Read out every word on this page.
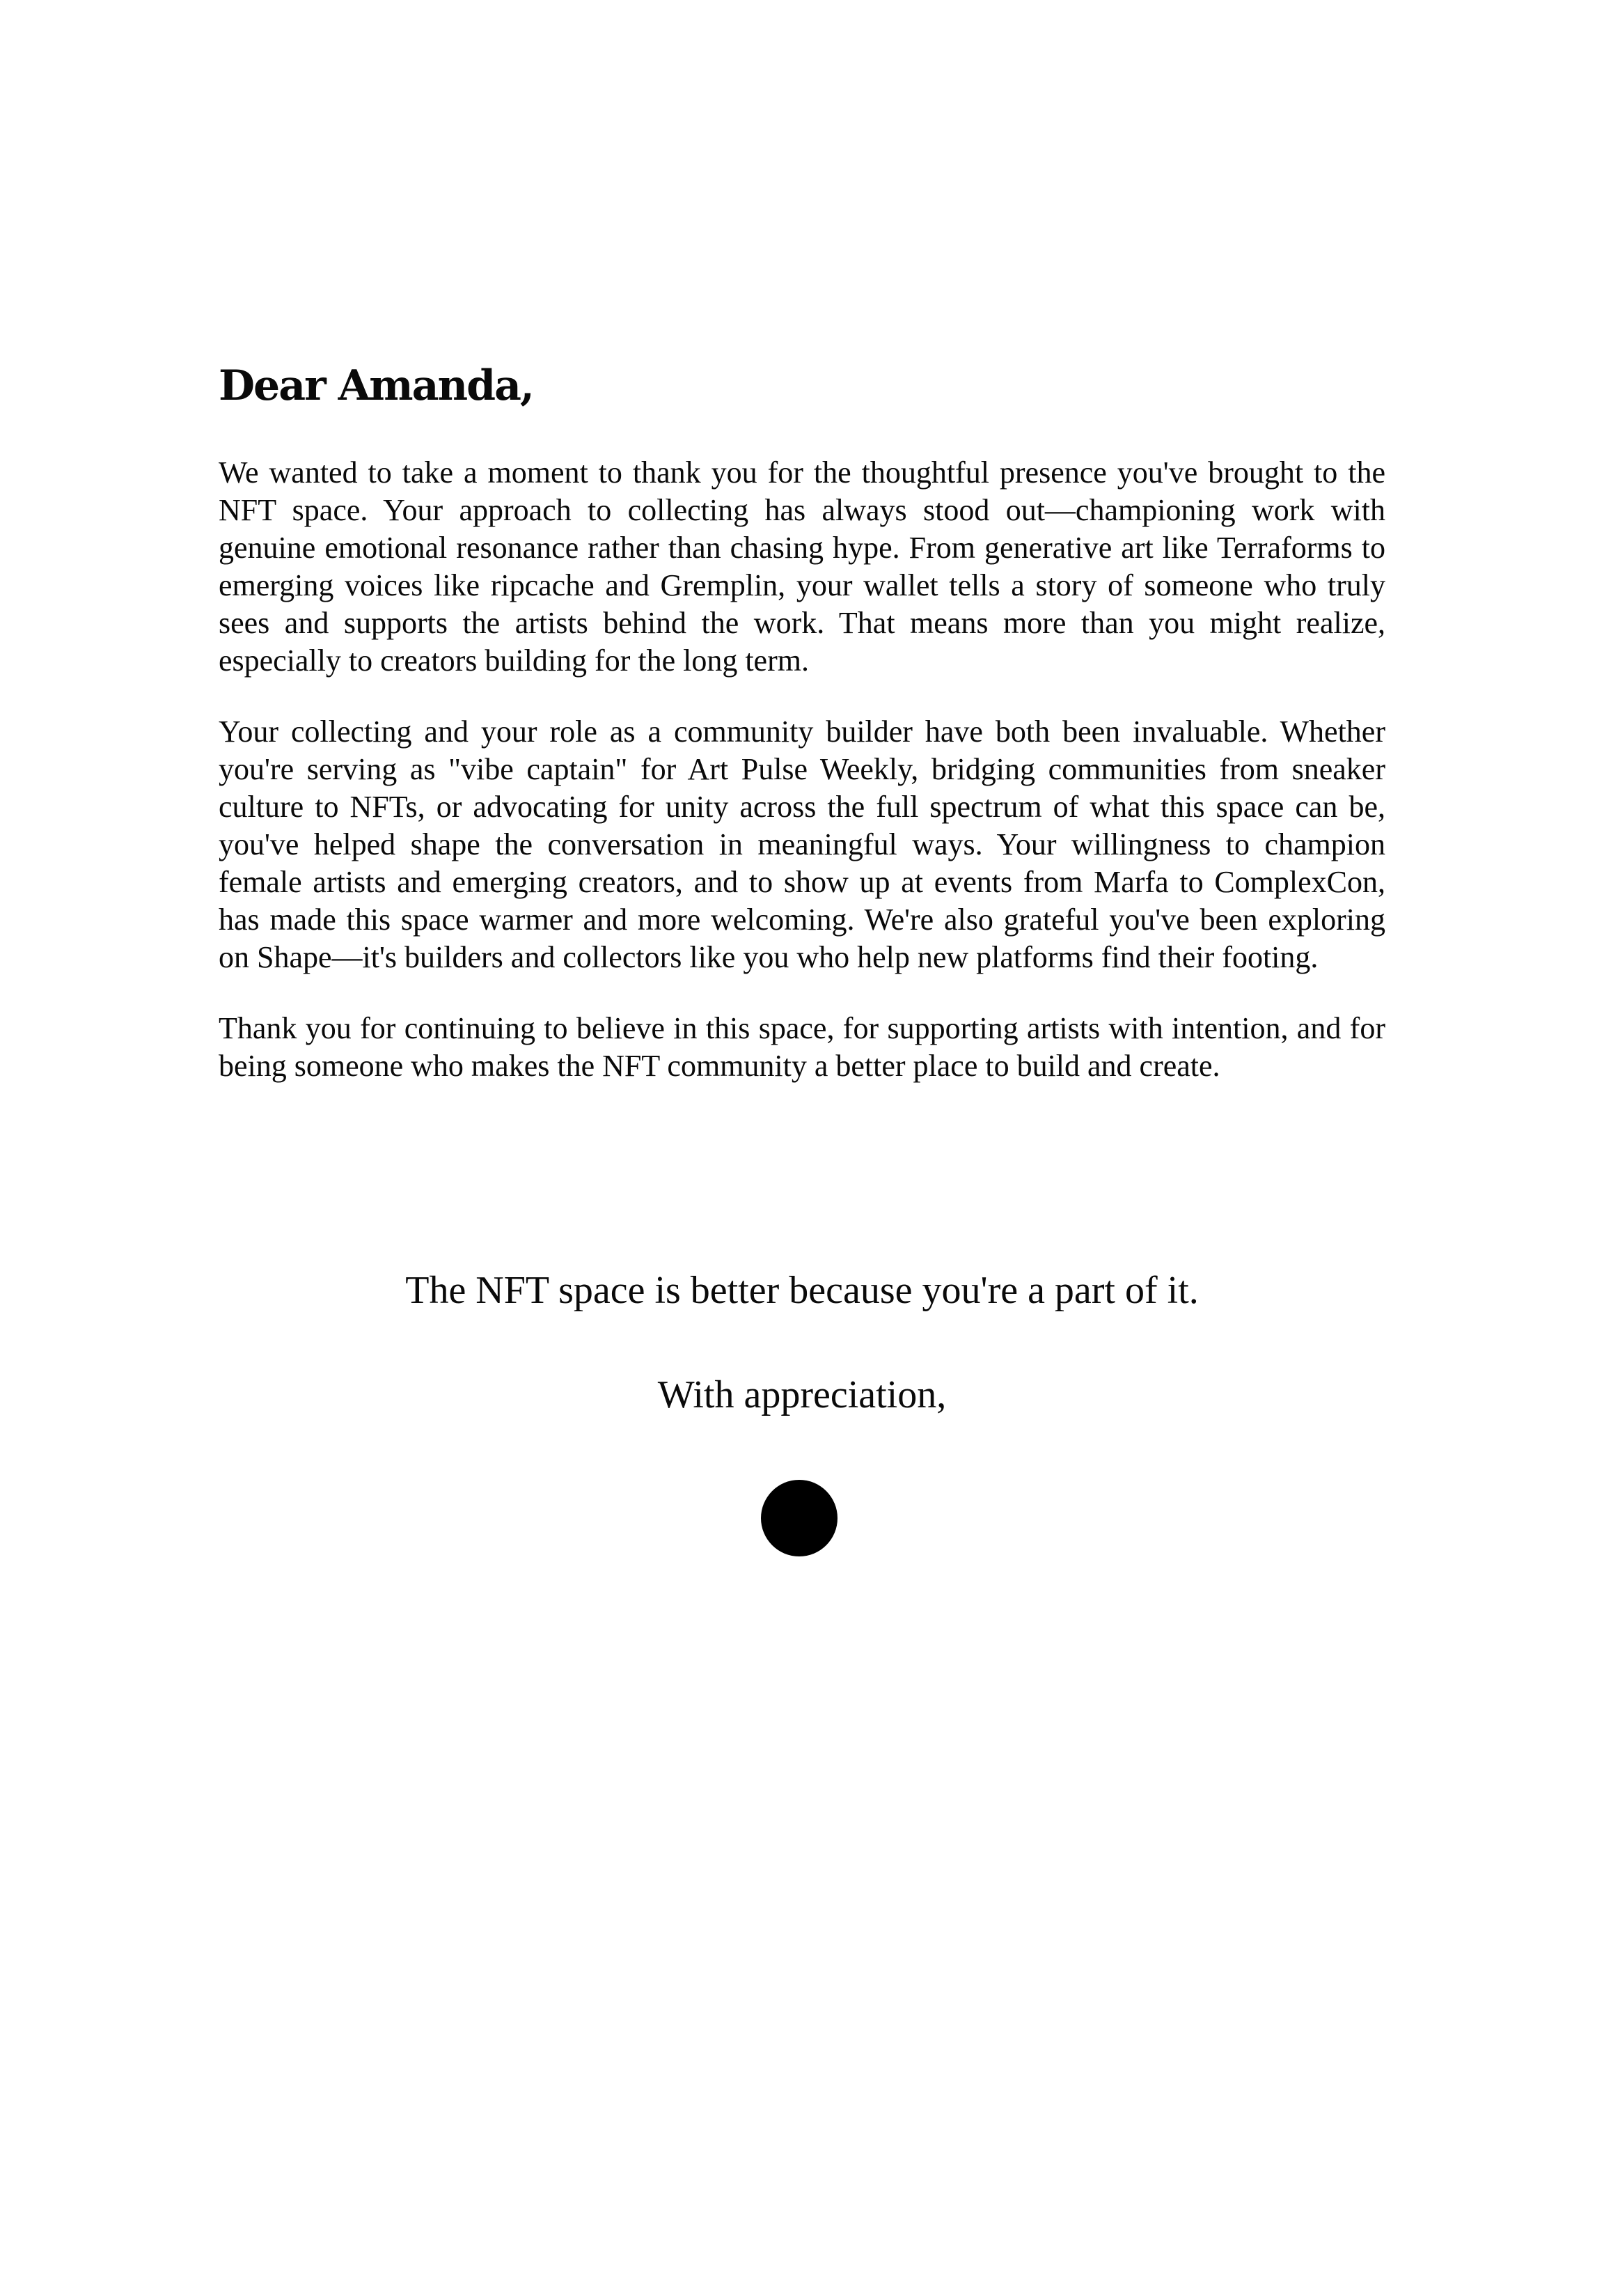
Dear Amanda,

We wanted to take a moment to thank you for the thoughtful presence you've brought to the NFT space. Your approach to collecting has always stood out—championing work with genuine emotional resonance rather than chasing hype. From generative art like Terraforms to emerging voices like ripcache and Gremplin, your wallet tells a story of someone who truly sees and supports the artists behind the work. That means more than you might realize, especially to creators building for the long term.

Your collecting and your role as a community builder have both been invaluable. Whether you're serving as "vibe captain" for Art Pulse Weekly, bridging communities from sneaker culture to NFTs, or advocating for unity across the full spectrum of what this space can be, you've helped shape the conversation in meaningful ways. Your willingness to champion female artists and emerging creators, and to show up at events from Marfa to ComplexCon, has made this space warmer and more welcoming. We're also grateful you've been exploring on Shape—it's builders and collectors like you who help new platforms find their footing.

Thank you for continuing to believe in this space, for supporting artists with intention, and for being someone who makes the NFT community a better place to build and create.

The NFT space is better because you're a part of it.
With appreciation,
